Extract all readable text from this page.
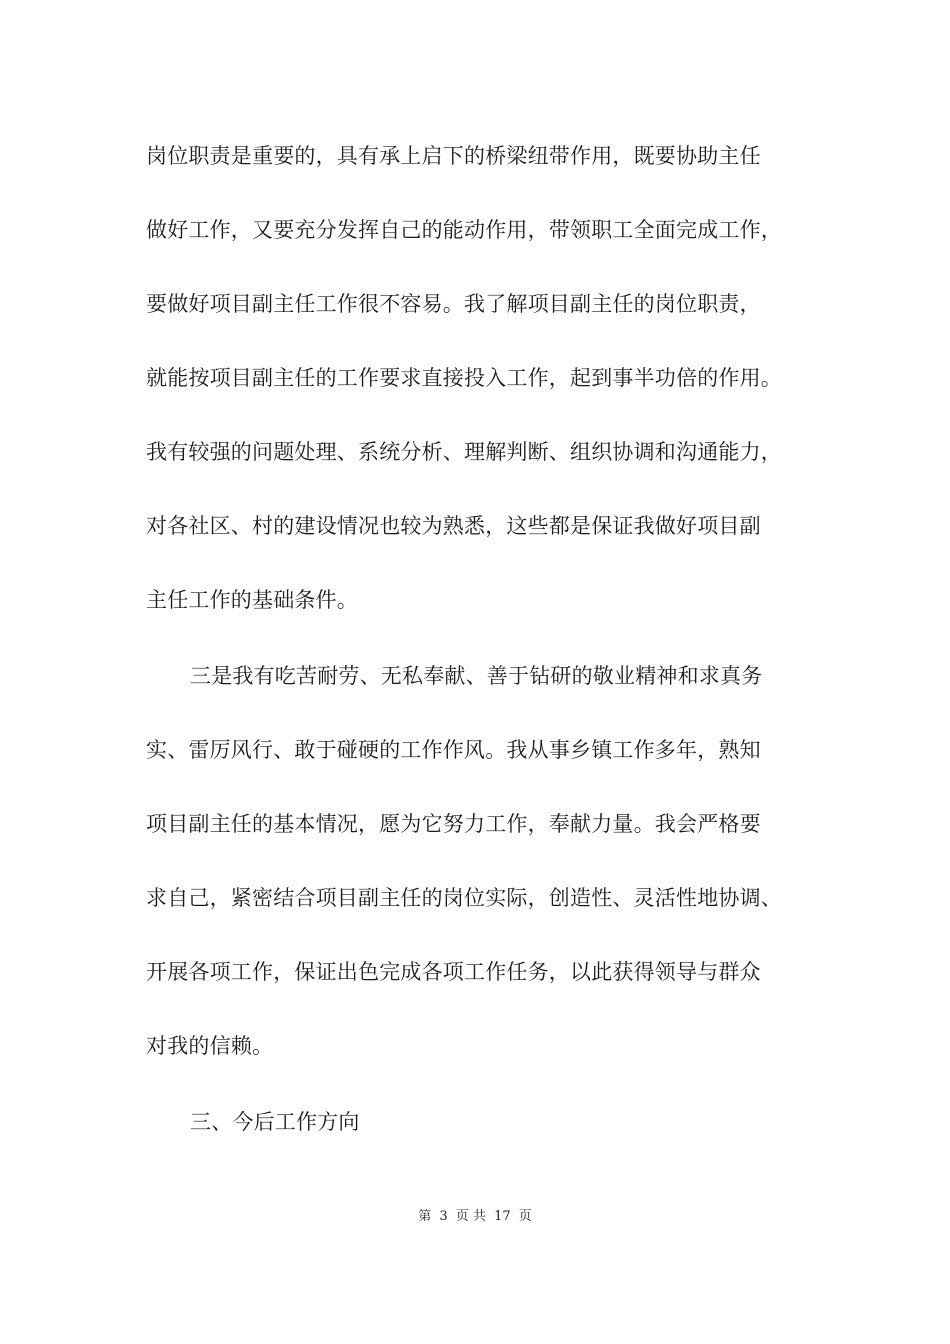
岗位职责是重要的，具有承上启下的桥梁纽带作用，既要协助主任
做好工作，又要充分发挥自己的能动作用，带领职工全面完成工作，
要做好项目副主任工作很不容易。我了解项目副主任的岗位职责，
就能按项目副主任的工作要求直接投入工作，起到事半功倍的作用。
我有较强的问题处理、系统分析、理解判断、组织协调和沟通能力，
对各社区、村的建设情况也较为熟悉，这些都是保证我做好项目副
主任工作的基础条件。
三是我有吃苦耐劳、无私奉献、善于钻研的敬业精神和求真务
实、雷厉风行、敢于碰硬的工作作风。我从事乡镇工作多年，熟知
项目副主任的基本情况，愿为它努力工作，奉献力量。我会严格要
求自己，紧密结合项目副主任的岗位实际，创造性、灵活性地协调、
开展各项工作，保证出色完成各项工作任务，以此获得领导与群众
对我的信赖。
三、今后工作方向
第 3 页 共 17 页
